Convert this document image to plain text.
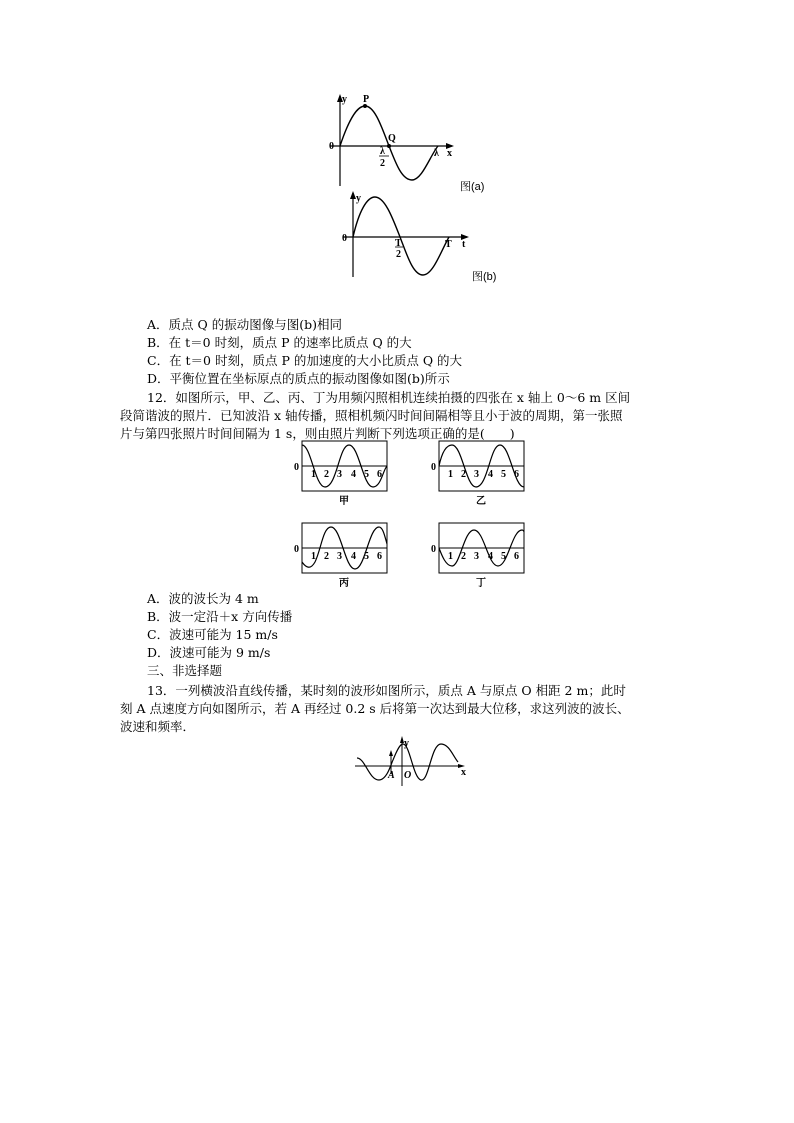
y P
0
Q
λ
2
λ x
图(a)
y
0	T
2
T t
图(b)
A．质点 Q 的振动图像与图(b)相同
B．在 t＝0 时刻，质点 P 的速率比质点 Q 的大
C．在 t＝0 时刻，质点 P 的加速度的大小比质点 Q 的大
D．平衡位置在坐标原点的质点的振动图像如图(b)所示
12．如图所示，甲、乙、丙、丁为用频闪照相机连续拍摄的四张在 x 轴上 0～6 m 区间
段简谐波的照片．已知波沿 x 轴传播，照相机频闪时间间隔相等且小于波的周期，第一张照
片与第四张照片时间间隔为 1 s，则由照片判断下列选项正确的是(　　)
0
1 2 3 4 5 6
甲
0
1 2 3 4 5 6
乙
0
1 2 3 4 5 6
丙
0
1 2 3 4 5 6
丁
A．波的波长为 4 m
B．波一定沿＋x 方向传播
C．波速可能为 15 m/s
D．波速可能为 9 m/s
三、非选择题
13．一列横波沿直线传播，某时刻的波形如图所示，质点 A 与原点 O 相距 2 m；此时
刻 A 点速度方向如图所示，若 A 再经过 0.2 s 后将第一次达到最大位移，求这列波的波长、
波速和频率．
y
x
A O
